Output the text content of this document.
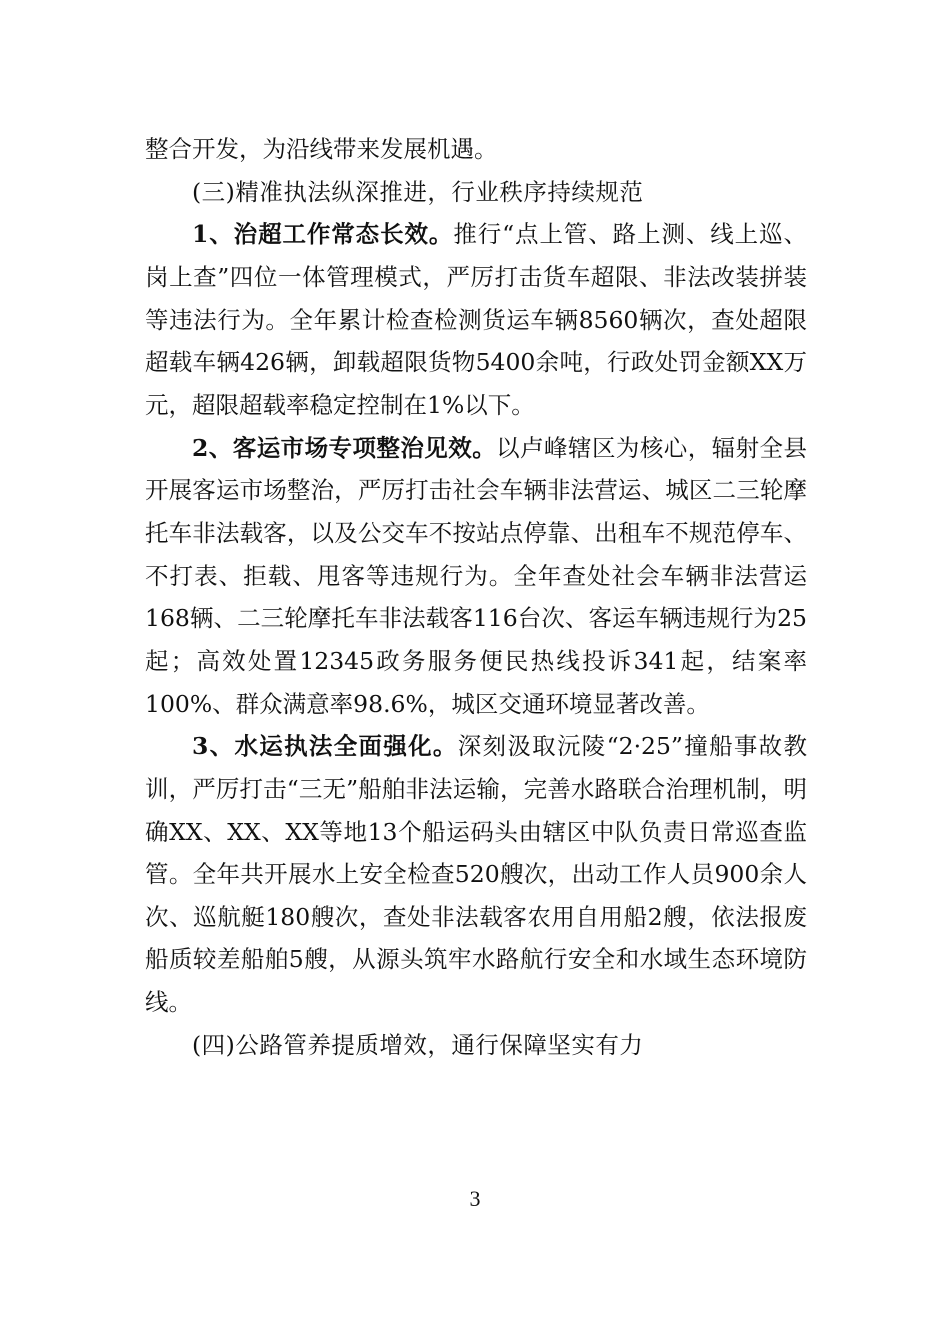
整合开发，为沿线带来发展机遇。

(三)精准执法纵深推进，行业秩序持续规范

1、治超工作常态长效。推行“点上管、路上测、线上巡、岗上查”四位一体管理模式，严厉打击货车超限、非法改装拼装等违法行为。全年累计检查检测货运车辆8560辆次，查处超限超载车辆426辆，卸载超限货物5400余吨，行政处罚金额XX万元，超限超载率稳定控制在1%以下。

2、客运市场专项整治见效。以卢峰辖区为核心，辐射全县开展客运市场整治，严厉打击社会车辆非法营运、城区二三轮摩托车非法载客，以及公交车不按站点停靠、出租车不规范停车、不打表、拒载、甩客等违规行为。全年查处社会车辆非法营运168辆、二三轮摩托车非法载客116台次、客运车辆违规行为25起；高效处置12345政务服务便民热线投诉341起，结案率100%、群众满意率98.6%，城区交通环境显著改善。

3、水运执法全面强化。深刻汲取沅陵“2·25”撞船事故教训，严厉打击“三无”船舶非法运输，完善水路联合治理机制，明确XX、XX、XX等地13个船运码头由辖区中队负责日常巡查监管。全年共开展水上安全检查520艘次，出动工作人员900余人次、巡航艇180艘次，查处非法载客农用自用船2艘，依法报废船质较差船舶5艘，从源头筑牢水路航行安全和水域生态环境防线。

(四)公路管养提质增效，通行保障坚实有力

3
